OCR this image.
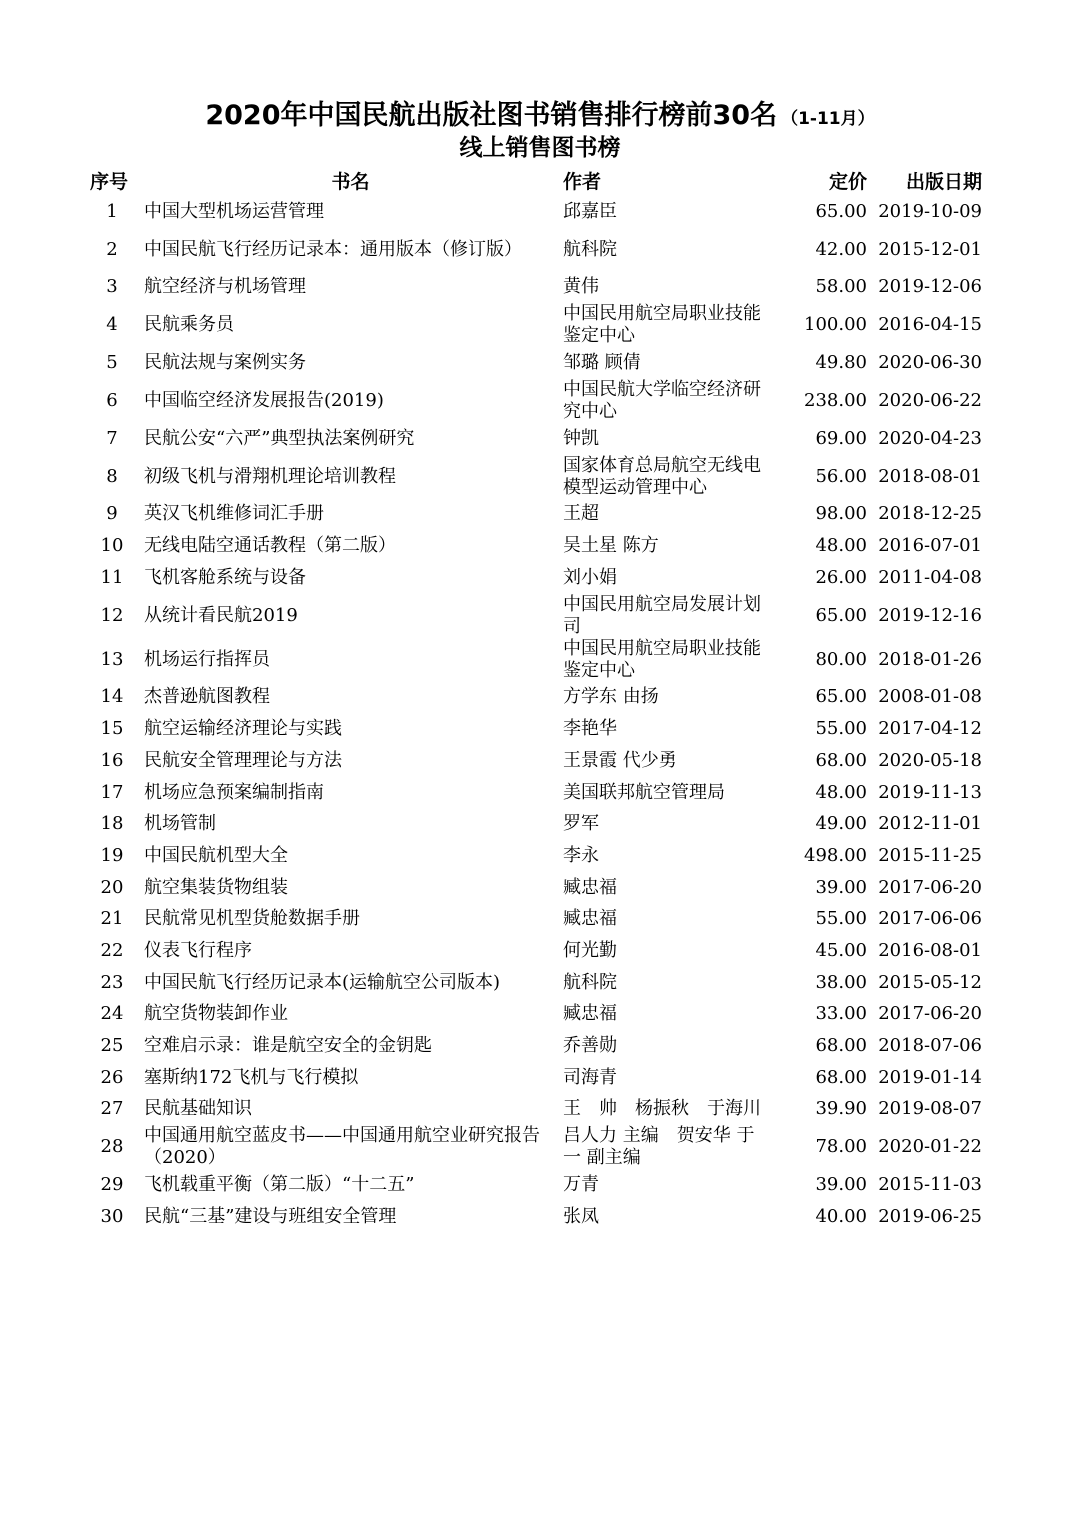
2020年中国民航出版社图书销售排行榜前30名 （1-11月）
线上销售图书榜
序号	书名	作者	定价	出版日期
1	中国大型机场运营管理	邱嘉臣	65.00	2019-10-09
2	中国民航飞行经历记录本：通用版本（修订版）	航科院	42.00	2015-12-01
3	航空经济与机场管理	黄伟	58.00	2019-12-06
4	民航乘务员	中国民用航空局职业技能鉴定中心	100.00	2016-04-15
5	民航法规与案例实务	邹璐 顾倩	49.80	2020-06-30
6	中国临空经济发展报告(2019)	中国民航大学临空经济研究中心	238.00	2020-06-22
7	民航公安“六严”典型执法案例研究	钟凯	69.00	2020-04-23
8	初级飞机与滑翔机理论培训教程	国家体育总局航空无线电模型运动管理中心	56.00	2018-08-01
9	英汉飞机维修词汇手册	王超	98.00	2018-12-25
10	无线电陆空通话教程（第二版）	吴土星 陈方	48.00	2016-07-01
11	飞机客舱系统与设备	刘小娟	26.00	2011-04-08
12	从统计看民航2019	中国民用航空局发展计划司	65.00	2019-12-16
13	机场运行指挥员	中国民用航空局职业技能鉴定中心	80.00	2018-01-26
14	杰普逊航图教程	方学东 由扬	65.00	2008-01-08
15	航空运输经济理论与实践	李艳华	55.00	2017-04-12
16	民航安全管理理论与方法	王景霞 代少勇	68.00	2020-05-18
17	机场应急预案编制指南	美国联邦航空管理局	48.00	2019-11-13
18	机场管制	罗军	49.00	2012-11-01
19	中国民航机型大全	李永	498.00	2015-11-25
20	航空集装货物组装	臧忠福	39.00	2017-06-20
21	民航常见机型货舱数据手册	臧忠福	55.00	2017-06-06
22	仪表飞行程序	何光勤	45.00	2016-08-01
23	中国民航飞行经历记录本(运输航空公司版本)	航科院	38.00	2015-05-12
24	航空货物装卸作业	臧忠福	33.00	2017-06-20
25	空难启示录：谁是航空安全的金钥匙	乔善勋	68.00	2018-07-06
26	塞斯纳172飞机与飞行模拟	司海青	68.00	2019-01-14
27	民航基础知识	王　帅　杨振秋　于海川	39.90	2019-08-07
28	中国通用航空蓝皮书——中国通用航空业研究报告（2020）	吕人力 主编　贺安华 于一 副主编	78.00	2020-01-22
29	飞机载重平衡（第二版）“十二五”	万青	39.00	2015-11-03
30	民航“三基”建设与班组安全管理	张凤	40.00	2019-06-25
